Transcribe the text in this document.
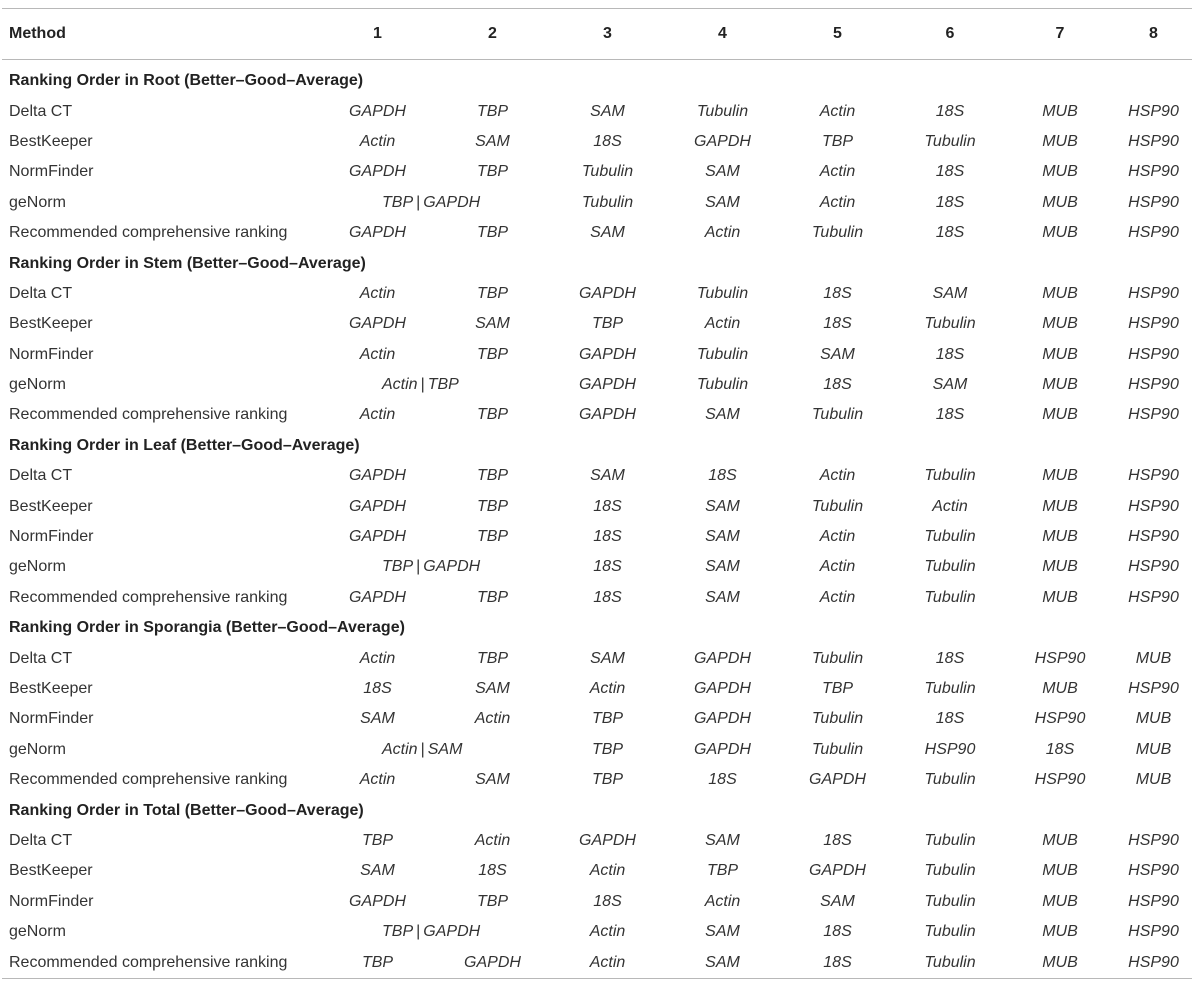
Method	1	2	3	4	5	6	7	8
Ranking Order in Root (Better–Good–Average)								
Delta CT	GAPDH	TBP	SAM	Tubulin	Actin	18S	MUB	HSP90
BestKeeper	Actin	SAM	18S	GAPDH	TBP	Tubulin	MUB	HSP90
NormFinder	GAPDH	TBP	Tubulin	SAM	Actin	18S	MUB	HSP90
geNorm	TBP | GAPDH		Tubulin	SAM	Actin	18S	MUB	HSP90
Recommended comprehensive ranking	GAPDH	TBP	SAM	Actin	Tubulin	18S	MUB	HSP90
Ranking Order in Stem (Better–Good–Average)								
Delta CT	Actin	TBP	GAPDH	Tubulin	18S	SAM	MUB	HSP90
BestKeeper	GAPDH	SAM	TBP	Actin	18S	Tubulin	MUB	HSP90
NormFinder	Actin	TBP	GAPDH	Tubulin	SAM	18S	MUB	HSP90
geNorm	Actin | TBP		GAPDH	Tubulin	18S	SAM	MUB	HSP90
Recommended comprehensive ranking	Actin	TBP	GAPDH	SAM	Tubulin	18S	MUB	HSP90
Ranking Order in Leaf (Better–Good–Average)								
Delta CT	GAPDH	TBP	SAM	18S	Actin	Tubulin	MUB	HSP90
BestKeeper	GAPDH	TBP	18S	SAM	Tubulin	Actin	MUB	HSP90
NormFinder	GAPDH	TBP	18S	SAM	Actin	Tubulin	MUB	HSP90
geNorm	TBP | GAPDH		18S	SAM	Actin	Tubulin	MUB	HSP90
Recommended comprehensive ranking	GAPDH	TBP	18S	SAM	Actin	Tubulin	MUB	HSP90
Ranking Order in Sporangia (Better–Good–Average)								
Delta CT	Actin	TBP	SAM	GAPDH	Tubulin	18S	HSP90	MUB
BestKeeper	18S	SAM	Actin	GAPDH	TBP	Tubulin	MUB	HSP90
NormFinder	SAM	Actin	TBP	GAPDH	Tubulin	18S	HSP90	MUB
geNorm	Actin | SAM		TBP	GAPDH	Tubulin	HSP90	18S	MUB
Recommended comprehensive ranking	Actin	SAM	TBP	18S	GAPDH	Tubulin	HSP90	MUB
Ranking Order in Total (Better–Good–Average)								
Delta CT	TBP	Actin	GAPDH	SAM	18S	Tubulin	MUB	HSP90
BestKeeper	SAM	18S	Actin	TBP	GAPDH	Tubulin	MUB	HSP90
NormFinder	GAPDH	TBP	18S	Actin	SAM	Tubulin	MUB	HSP90
geNorm	TBP | GAPDH		Actin	SAM	18S	Tubulin	MUB	HSP90
Recommended comprehensive ranking	TBP	GAPDH	Actin	SAM	18S	Tubulin	MUB	HSP90
